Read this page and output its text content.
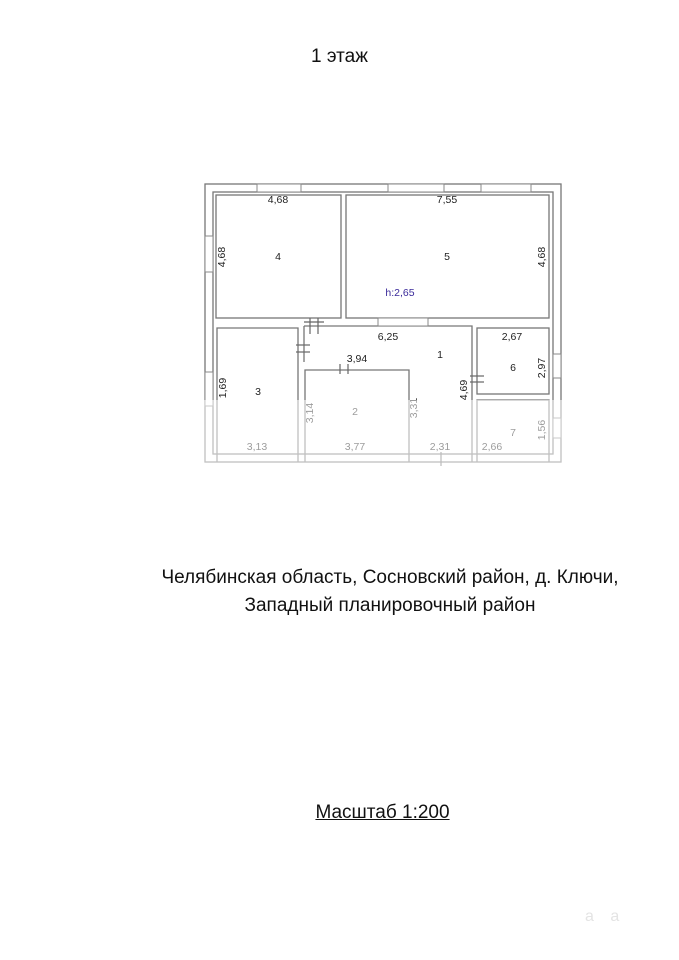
1 этаж
4,68
4,68	4
7,55
4,68
5
h:2,65
6,25
1
4,69
1,69 3
3,94
2,67
6 2,97
Челябинская область, Сосновский район, д. Ключи,
Западный планировочный район
Масштаб 1:200
a a
